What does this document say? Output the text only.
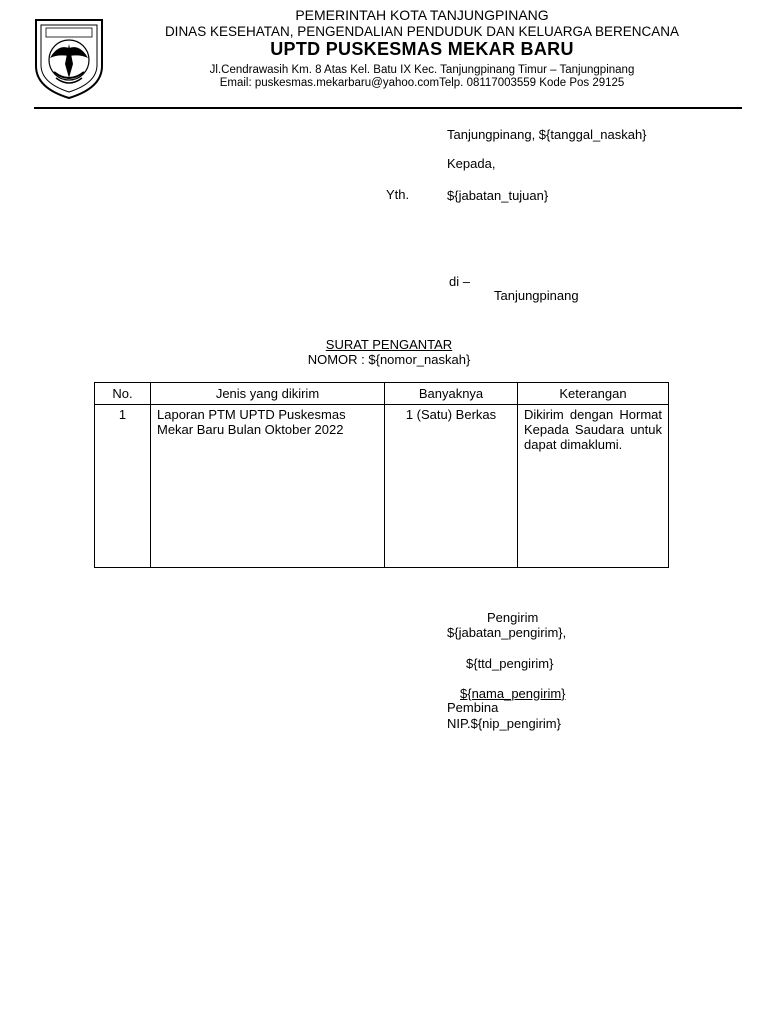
PEMERINTAH KOTA TANJUNGPINANG
DINAS KESEHATAN, PENGENDALIAN PENDUDUK DAN KELUARGA BERENCANA
UPTD PUSKESMAS MEKAR BARU
Jl.Cendrawasih Km. 8 Atas Kel. Batu IX Kec. Tanjungpinang Timur – Tanjungpinang
Email: puskesmas.mekarbaru@yahoo.comTelp. 08117003559 Kode Pos 29125
Tanjungpinang, ${tanggal_naskah}
Kepada,
Yth.	${jabatan_tujuan}
di –
Tanjungpinang
SURAT PENGANTAR
NOMOR : ${nomor_naskah}
No.	Jenis yang dikirim	Banyaknya	Keterangan
1	Laporan PTM UPTD Puskesmas Mekar Baru Bulan Oktober 2022	1 (Satu) Berkas	Dikirim dengan Hormat Kepada Saudara untuk dapat dimaklumi.
Pengirim
${jabatan_pengirim},
${ttd_pengirim}
${nama_pengirim}
Pembina
NIP.${nip_pengirim}
